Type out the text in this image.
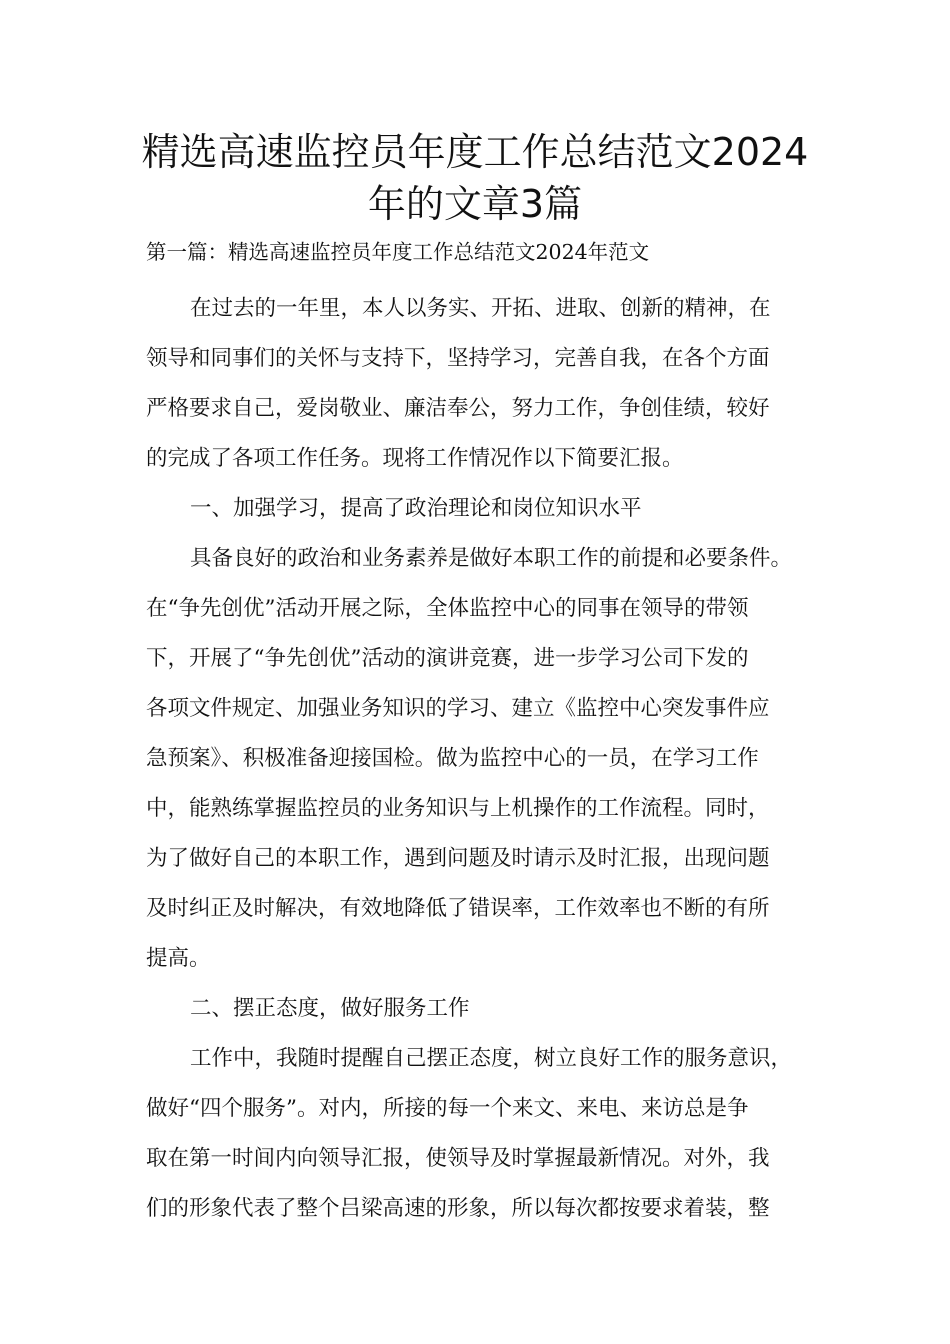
精选高速监控员年度工作总结范文2024
年的文章3篇
第一篇：精选高速监控员年度工作总结范文2024年范文
在过去的一年里，本人以务实、开拓、进取、创新的精神，在
领导和同事们的关怀与支持下，坚持学习，完善自我，在各个方面
严格要求自己，爱岗敬业、廉洁奉公，努力工作，争创佳绩，较好
的完成了各项工作任务。现将工作情况作以下简要汇报。
一、加强学习，提高了政治理论和岗位知识水平
具备良好的政治和业务素养是做好本职工作的前提和必要条件。
在“争先创优”活动开展之际，全体监控中心的同事在领导的带领
下，开展了“争先创优”活动的演讲竞赛，进一步学习公司下发的
各项文件规定、加强业务知识的学习、建立《监控中心突发事件应
急预案》、积极准备迎接国检。做为监控中心的一员，在学习工作
中，能熟练掌握监控员的业务知识与上机操作的工作流程。同时，
为了做好自己的本职工作，遇到问题及时请示及时汇报，出现问题
及时纠正及时解决，有效地降低了错误率，工作效率也不断的有所
提高。
二、摆正态度，做好服务工作
工作中，我随时提醒自己摆正态度，树立良好工作的服务意识，
做好“四个服务”。对内，所接的每一个来文、来电、来访总是争
取在第一时间内向领导汇报，使领导及时掌握最新情况。对外，我
们的形象代表了整个吕梁高速的形象，所以每次都按要求着装，整
